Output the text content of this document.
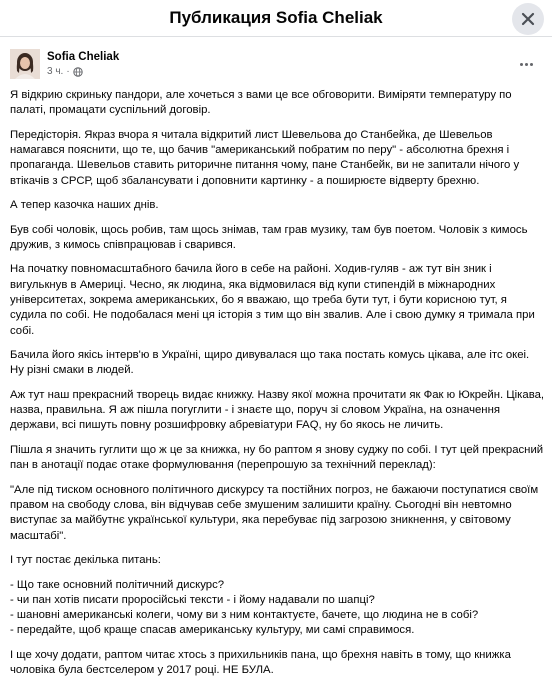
Публикация Sofia Cheliak
Sofia Cheliak
3 ч. ·

Я відкрию скриньку пандори, але хочеться з вами це все обговорити. Виміряти температуру по палаті, промацати суспільний договір.

Передісторія. Якраз вчора я читала відкритий лист Шевельова до Станбейка, де Шевельов намагався пояснити, що те, що бачив "американський побратим по перу" - абсолютна брехня і пропаганда. Шевельов ставить риторичне питання чому, пане Станбейк, ви не запитали нічого у втікачів з СРСР, щоб збалансувати і доповнити картинку - а поширюєте відверту брехню.

А тепер казочка наших днів.

Був собі чоловік, щось робив, там щось знімав, там грав музику, там був поетом. Чоловік з кимось дружив, з кимось співпрацював і сварився.

На початку повномасштабного бачила його в себе на районі. Ходив-гуляв - аж тут він зник і вигулькнув в Америці. Чесно, як людина, яка відмовилася від купи стипендій в міжнародних університетах, зокрема американських, бо я вважаю, що треба бути тут, і бути корисною тут, я судила по собі. Не подобалася мені ця історія з тим що він звалив. Але і свою думку я тримала при собі.

Бачила його якісь інтерв'ю в Україні, щиро дивувалася що така постать комусь цікава, але ітс океі. Ну різні смаки в людей.

Аж тут наш прекрасний творець видає книжку. Назву якої можна прочитати як Фак ю Юкрейн. Цікава, назва, правильна. Я аж пішла погуглити - і знаєте що, поруч зі словом Україна, на означення держави, всі пишуть повну розшифровку абревіатури FAQ, ну бо якось не личить.

Пішла я значить гуглити що ж це за книжка, ну бо раптом я знову суджу по собі. І тут цей прекрасний пан в анотації подає отаке формулювання (перепрошую за технічний переклад):

"Але під тиском основного політичного дискурсу та постійних погроз, не бажаючи поступатися своїм правом на свободу слова, він відчував себе змушеним залишити країну. Сьогодні він невтомно виступає за майбутнє української культури, яка перебуває під загрозою зникнення, у світовому масштабі".

І тут постає декілька питань:

- Що таке основний політичний дискурс?
- чи пан хотів писати проросійські тексти - і йому надавали по шапці?
- шановні американські колеги, чому ви з ним контактуєте, бачете, що людина не в собі?
- передайте, щоб краще спасав американську культуру, ми самі справимося.

І ще хочу додати, раптом читає хтось з прихильників пана, що брехня навіть в тому, що книжка чоловіка була бестселером у 2017 році. НЕ БУЛА.
